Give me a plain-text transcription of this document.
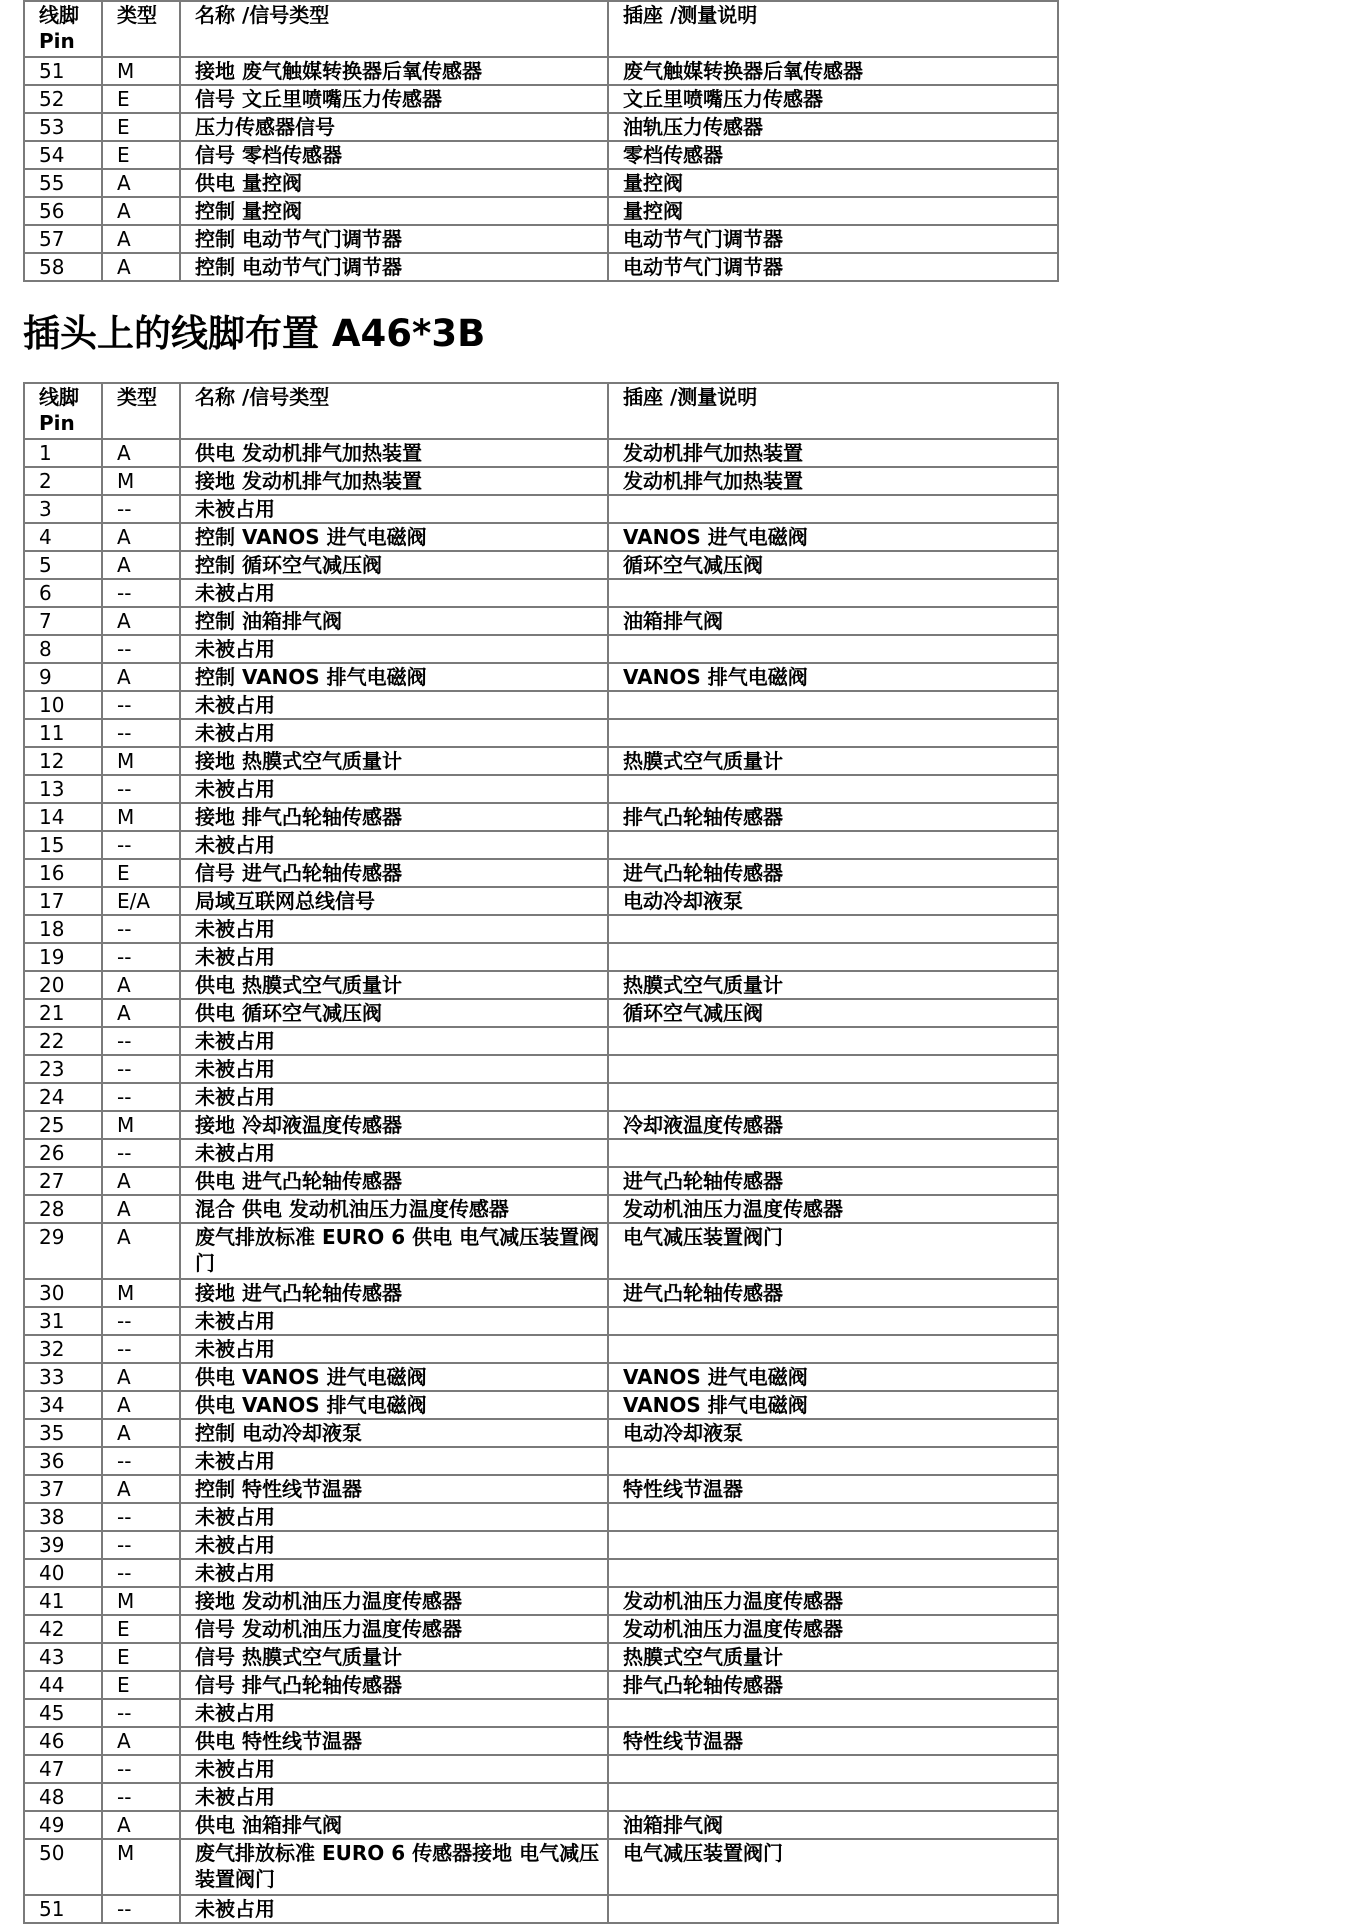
线脚
Pin	类型	名称 /信号类型	插座 /测量说明
51	M	接地 废气触媒转换器后氧传感器	废气触媒转换器后氧传感器
52	E	信号 文丘里喷嘴压力传感器	文丘里喷嘴压力传感器
53	E	压力传感器信号	油轨压力传感器
54	E	信号 零档传感器	零档传感器
55	A	供电 量控阀	量控阀
56	A	控制 量控阀	量控阀
57	A	控制 电动节气门调节器	电动节气门调节器
58	A	控制 电动节气门调节器	电动节气门调节器
插头上的线脚布置 A46*3B
线脚
Pin	类型	名称 /信号类型	插座 /测量说明
1	A	供电 发动机排气加热装置	发动机排气加热装置
2	M	接地 发动机排气加热装置	发动机排气加热装置
3	--	未被占用	
4	A	控制 VANOS 进气电磁阀	VANOS 进气电磁阀
5	A	控制 循环空气减压阀	循环空气减压阀
6	--	未被占用	
7	A	控制 油箱排气阀	油箱排气阀
8	--	未被占用	
9	A	控制 VANOS 排气电磁阀	VANOS 排气电磁阀
10	--	未被占用	
11	--	未被占用	
12	M	接地 热膜式空气质量计	热膜式空气质量计
13	--	未被占用	
14	M	接地 排气凸轮轴传感器	排气凸轮轴传感器
15	--	未被占用	
16	E	信号 进气凸轮轴传感器	进气凸轮轴传感器
17	E/A	局域互联网总线信号	电动冷却液泵
18	--	未被占用	
19	--	未被占用	
20	A	供电 热膜式空气质量计	热膜式空气质量计
21	A	供电 循环空气减压阀	循环空气减压阀
22	--	未被占用	
23	--	未被占用	
24	--	未被占用	
25	M	接地 冷却液温度传感器	冷却液温度传感器
26	--	未被占用	
27	A	供电 进气凸轮轴传感器	进气凸轮轴传感器
28	A	混合 供电 发动机油压力温度传感器	发动机油压力温度传感器
29	A	废气排放标准 EURO 6 供电 电气减压装置阀门	电气减压装置阀门
30	M	接地 进气凸轮轴传感器	进气凸轮轴传感器
31	--	未被占用	
32	--	未被占用	
33	A	供电 VANOS 进气电磁阀	VANOS 进气电磁阀
34	A	供电 VANOS 排气电磁阀	VANOS 排气电磁阀
35	A	控制 电动冷却液泵	电动冷却液泵
36	--	未被占用	
37	A	控制 特性线节温器	特性线节温器
38	--	未被占用	
39	--	未被占用	
40	--	未被占用	
41	M	接地 发动机油压力温度传感器	发动机油压力温度传感器
42	E	信号 发动机油压力温度传感器	发动机油压力温度传感器
43	E	信号 热膜式空气质量计	热膜式空气质量计
44	E	信号 排气凸轮轴传感器	排气凸轮轴传感器
45	--	未被占用	
46	A	供电 特性线节温器	特性线节温器
47	--	未被占用	
48	--	未被占用	
49	A	供电 油箱排气阀	油箱排气阀
50	M	废气排放标准 EURO 6 传感器接地 电气减压装置阀门	电气减压装置阀门
51	--	未被占用	
